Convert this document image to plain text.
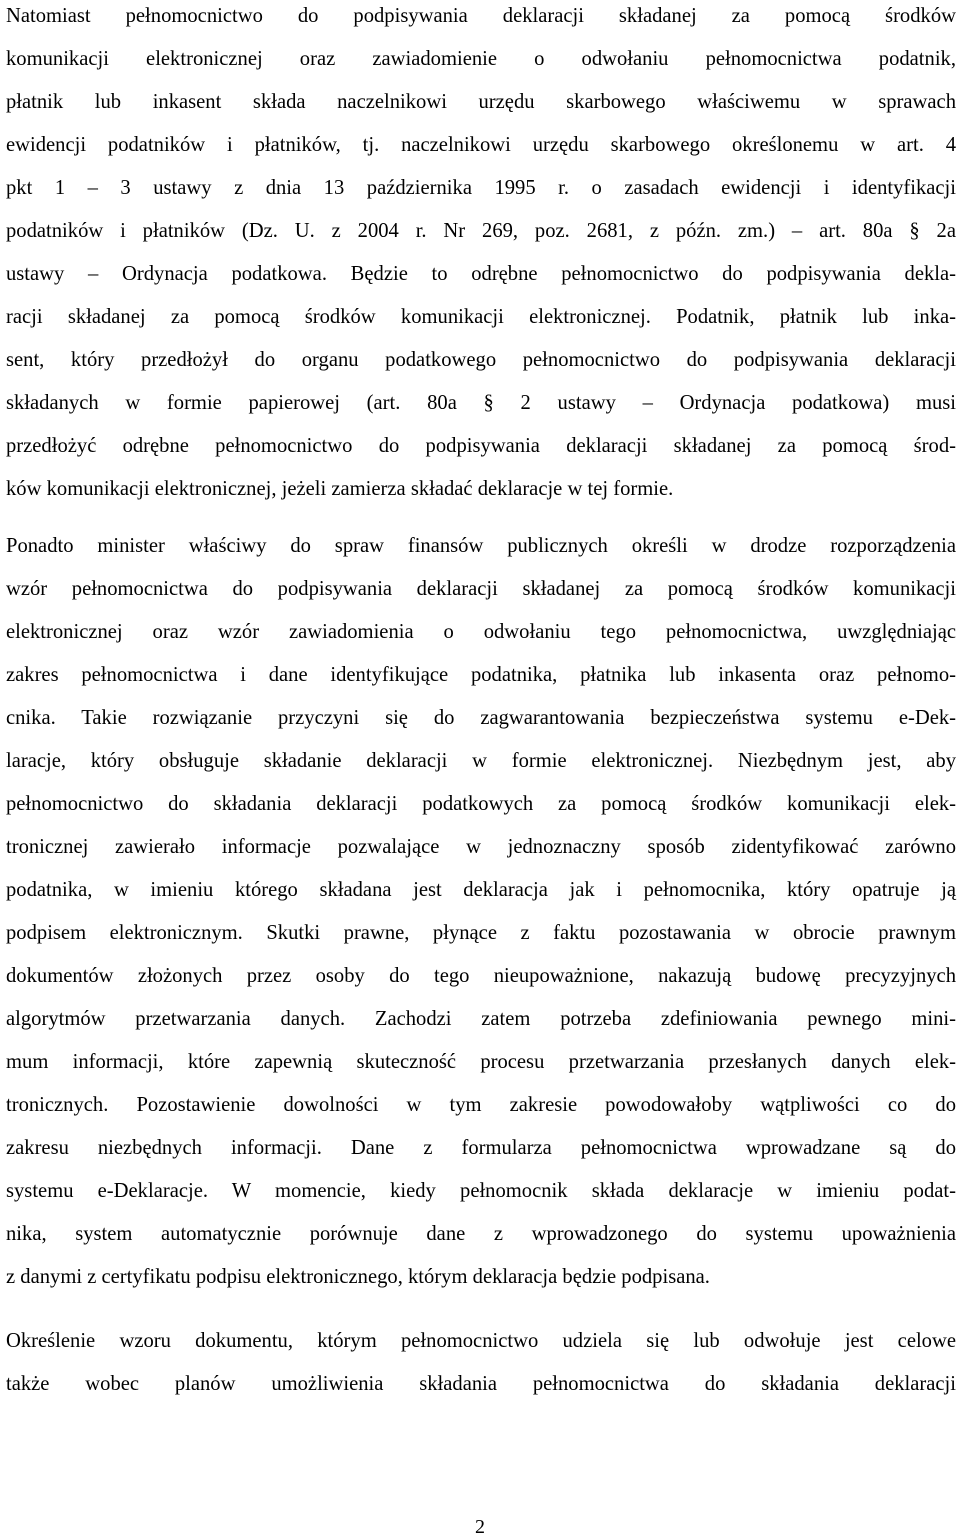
Natomiast pełnomocnictwo do podpisywania deklaracji składanej za pomocą środków
komunikacji elektronicznej oraz zawiadomienie o odwołaniu pełnomocnictwa podatnik,
płatnik lub inkasent składa naczelnikowi urzędu skarbowego właściwemu w sprawach
ewidencji podatników i płatników, tj. naczelnikowi urzędu skarbowego określonemu w art. 4
pkt 1 – 3 ustawy z dnia 13 października 1995 r. o zasadach ewidencji i identyfikacji
podatników i płatników (Dz. U. z 2004 r. Nr 269, poz. 2681, z późn. zm.) – art. 80a § 2a
ustawy – Ordynacja podatkowa. Będzie to odrębne pełnomocnictwo do podpisywania dekla-
racji składanej za pomocą środków komunikacji elektronicznej. Podatnik, płatnik lub inka-
sent, który przedłożył do organu podatkowego pełnomocnictwo do podpisywania deklaracji
składanych w formie papierowej (art. 80a § 2 ustawy – Ordynacja podatkowa) musi
przedłożyć odrębne pełnomocnictwo do podpisywania deklaracji składanej za pomocą środ-
ków komunikacji elektronicznej, jeżeli zamierza składać deklaracje w tej formie.
Ponadto minister właściwy do spraw finansów publicznych określi w drodze rozporządzenia
wzór pełnomocnictwa do podpisywania deklaracji składanej za pomocą środków komunikacji
elektronicznej oraz wzór zawiadomienia o odwołaniu tego pełnomocnictwa, uwzględniając
zakres pełnomocnictwa i dane identyfikujące podatnika, płatnika lub inkasenta oraz pełnomo-
cnika. Takie rozwiązanie przyczyni się do zagwarantowania bezpieczeństwa systemu e-Dek-
laracje, który obsługuje składanie deklaracji w formie elektronicznej. Niezbędnym jest, aby
pełnomocnictwo do składania deklaracji podatkowych za pomocą środków komunikacji elek-
tronicznej zawierało informacje pozwalające w jednoznaczny sposób zidentyfikować zarówno
podatnika, w imieniu którego składana jest deklaracja jak i pełnomocnika, który opatruje ją
podpisem elektronicznym. Skutki prawne, płynące z faktu pozostawania w obrocie prawnym
dokumentów złożonych przez osoby do tego nieupoważnione, nakazują budowę precyzyjnych
algorytmów przetwarzania danych. Zachodzi zatem potrzeba zdefiniowania pewnego mini-
mum informacji, które zapewnią skuteczność procesu przetwarzania przesłanych danych elek-
tronicznych. Pozostawienie dowolności w tym zakresie powodowałoby wątpliwości co do
zakresu niezbędnych informacji. Dane z formularza pełnomocnictwa wprowadzane są do
systemu e-Deklaracje. W momencie, kiedy pełnomocnik składa deklaracje w imieniu podat-
nika, system automatycznie porównuje dane z wprowadzonego do systemu upoważnienia
z danymi z certyfikatu podpisu elektronicznego, którym deklaracja będzie podpisana.
Określenie wzoru dokumentu, którym pełnomocnictwo udziela się lub odwołuje jest celowe
także wobec planów umożliwienia składania pełnomocnictwa do składania deklaracji
2
